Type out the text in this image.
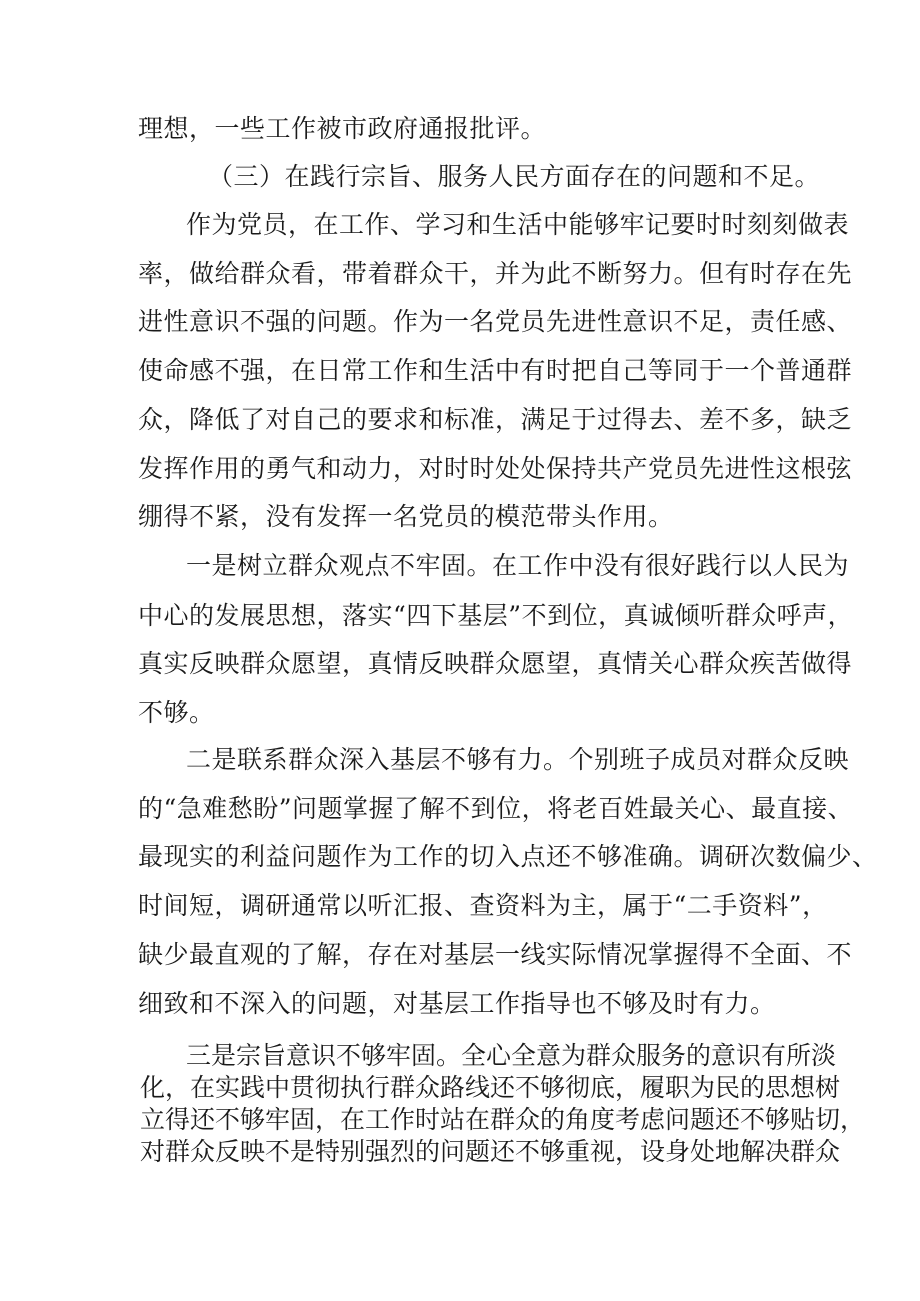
理想，一些工作被市政府通报批评。
（三）在践行宗旨、服务人民方面存在的问题和不足。
作为党员，在工作、学习和生活中能够牢记要时时刻刻做表
率，做给群众看，带着群众干，并为此不断努力。但有时存在先
进性意识不强的问题。作为一名党员先进性意识不足，责任感、
使命感不强，在日常工作和生活中有时把自己等同于一个普通群
众，降低了对自己的要求和标准，满足于过得去、差不多，缺乏
发挥作用的勇气和动力，对时时处处保持共产党员先进性这根弦
绷得不紧，没有发挥一名党员的模范带头作用。
一是树立群众观点不牢固。在工作中没有很好践行以人民为
中心的发展思想，落实“四下基层”不到位，真诚倾听群众呼声，
真实反映群众愿望，真情反映群众愿望，真情关心群众疾苦做得
不够。
二是联系群众深入基层不够有力。个别班子成员对群众反映
的“急难愁盼”问题掌握了解不到位，将老百姓最关心、最直接、
最现实的利益问题作为工作的切入点还不够准确。调研次数偏少、
时间短，调研通常以听汇报、查资料为主，属于“二手资料”，
缺少最直观的了解，存在对基层一线实际情况掌握得不全面、不
细致和不深入的问题，对基层工作指导也不够及时有力。
三是宗旨意识不够牢固。全心全意为群众服务的意识有所淡
化，在实践中贯彻执行群众路线还不够彻底，履职为民的思想树
立得还不够牢固，在工作时站在群众的角度考虑问题还不够贴切，
对群众反映不是特别强烈的问题还不够重视，设身处地解决群众
